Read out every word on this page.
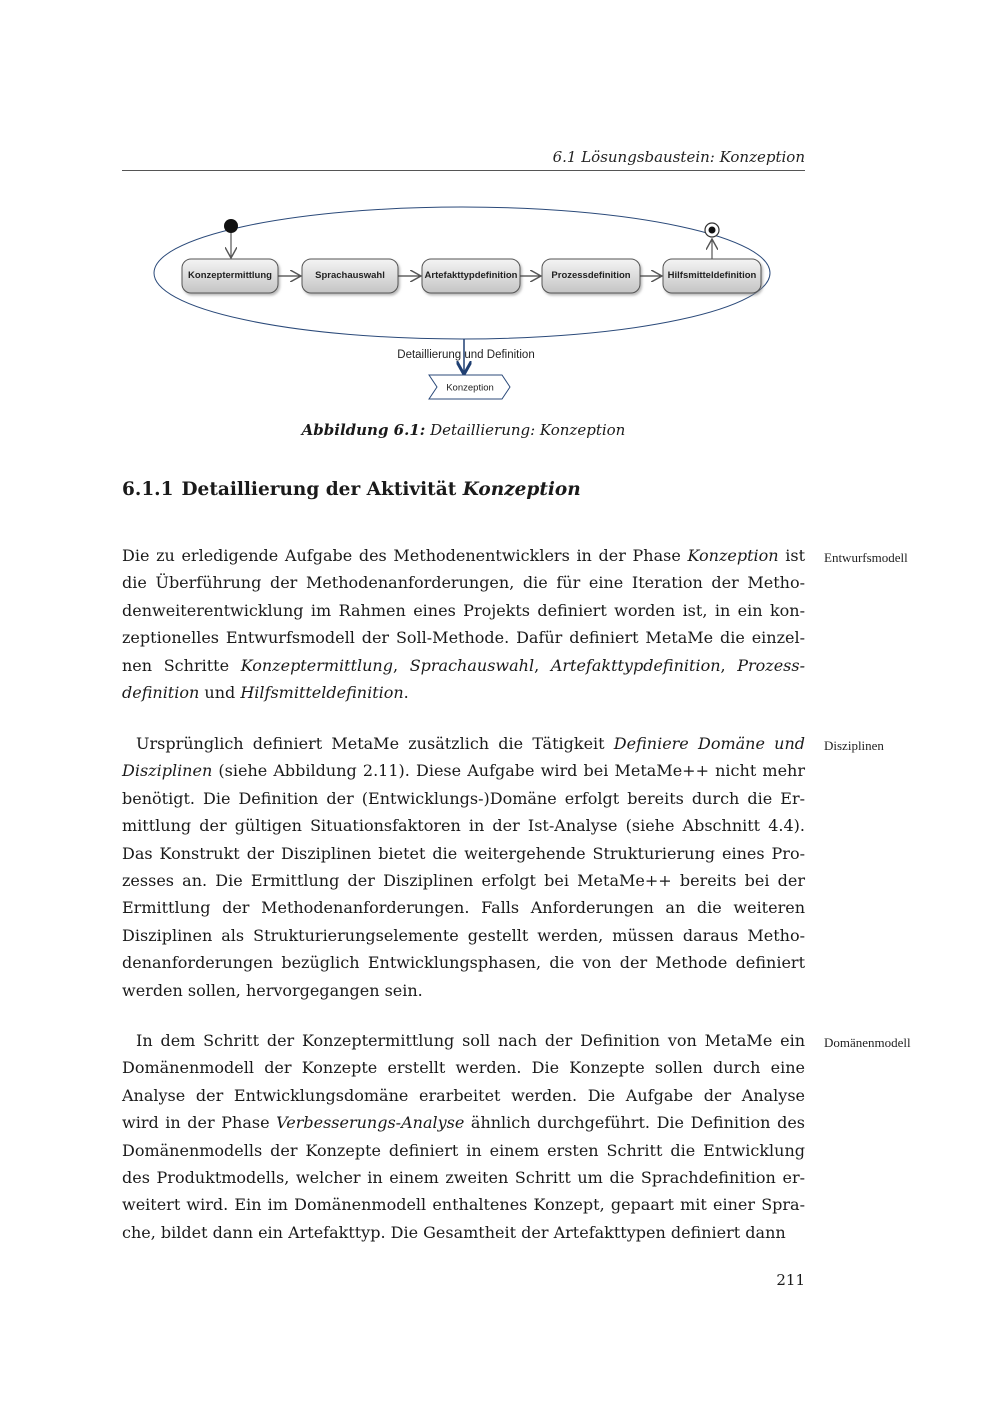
6.1 Lösungsbaustein: Konzeption
Konzeptermittlung	Sprachauswahl	Artefakttypdefinition	Prozessdefinition	Hilfsmitteldefinition
Detaillierung und Definition
Konzeption
Abbildung 6.1: Detaillierung: Konzeption
6.1.1 Detaillierung der Aktivität Konzeption
Die zu erledigende Aufgabe des Methodenentwicklers in der Phase Konzeption ist
die Überführung der Methodenanforderungen, die für eine Iteration der Metho-
denweiterentwicklung im Rahmen eines Projekts definiert worden ist, in ein kon-
zeptionelles Entwurfsmodell der Soll-Methode. Dafür definiert MetaMe die einzel-
nen Schritte Konzeptermittlung, Sprachauswahl, Artefakttypdefinition, Prozess-
definition und Hilfsmitteldefinition.
Entwurfsmodell
Ursprünglich definiert MetaMe zusätzlich die Tätigkeit Definiere Domäne und
Disziplinen (siehe Abbildung 2.11). Diese Aufgabe wird bei MetaMe++ nicht mehr
benötigt. Die Definition der (Entwicklungs-)Domäne erfolgt bereits durch die Er-
mittlung der gültigen Situationsfaktoren in der Ist-Analyse (siehe Abschnitt 4.4).
Das Konstrukt der Disziplinen bietet die weitergehende Strukturierung eines Pro-
zesses an. Die Ermittlung der Disziplinen erfolgt bei MetaMe++ bereits bei der
Ermittlung der Methodenanforderungen. Falls Anforderungen an die weiteren
Disziplinen als Strukturierungselemente gestellt werden, müssen daraus Metho-
denanforderungen bezüglich Entwicklungsphasen, die von der Methode definiert
werden sollen, hervorgegangen sein.
Disziplinen
In dem Schritt der Konzeptermittlung soll nach der Definition von MetaMe ein
Domänenmodell der Konzepte erstellt werden. Die Konzepte sollen durch eine
Analyse der Entwicklungsdomäne erarbeitet werden. Die Aufgabe der Analyse
wird in der Phase Verbesserungs-Analyse ähnlich durchgeführt. Die Definition des
Domänenmodells der Konzepte definiert in einem ersten Schritt die Entwicklung
des Produktmodells, welcher in einem zweiten Schritt um die Sprachdefinition er-
weitert wird. Ein im Domänenmodell enthaltenes Konzept, gepaart mit einer Spra-
che, bildet dann ein Artefakttyp. Die Gesamtheit der Artefakttypen definiert dann
Domänenmodell
211
